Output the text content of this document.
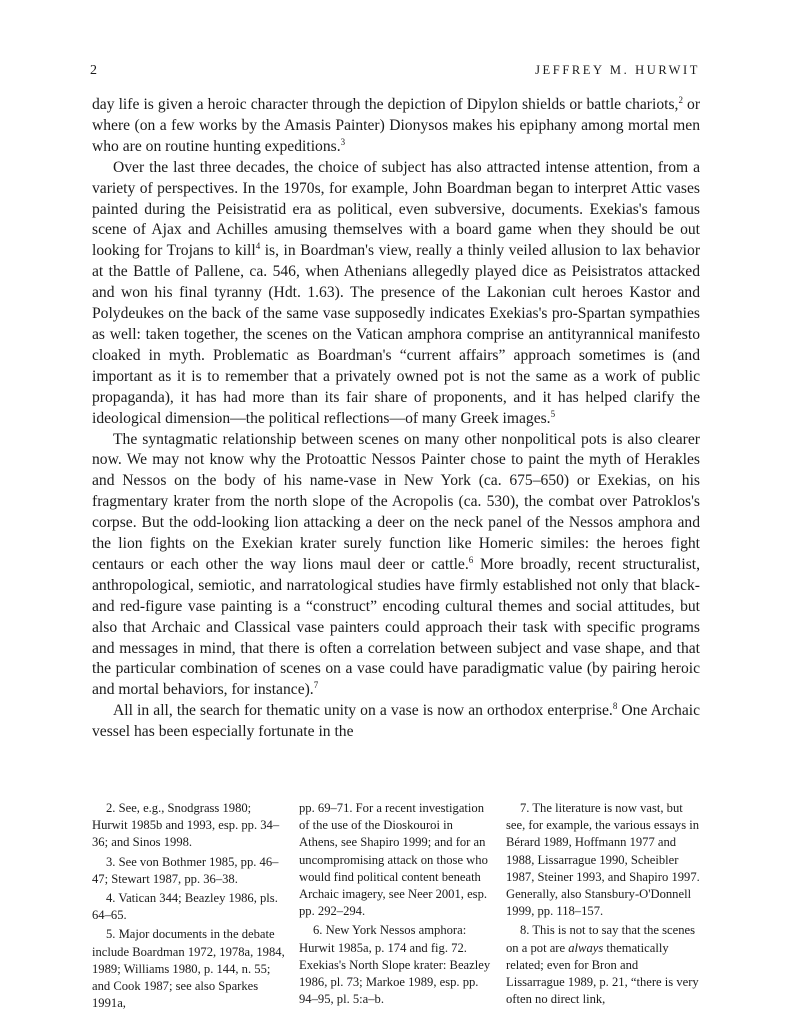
2	JEFFREY M. HURWIT

day life is given a heroic character through the depiction of Dipylon shields or battle chariots,$^2$ or where (on a few works by the Amasis Painter) Dionysos makes his epiphany among mortal men who are on routine hunting expeditions.$^3$

Over the last three decades, the choice of subject has also attracted intense attention, from a variety of perspectives. In the 1970s, for example, John Boardman began to interpret Attic vases painted during the Peisistratid era as political, even subversive, documents. Exekias's famous scene of Ajax and Achilles amusing themselves with a board game when they should be out looking for Trojans to kill$^4$ is, in Boardman's view, really a thinly veiled allusion to lax behavior at the Battle of Pallene, ca. 546, when Athenians allegedly played dice as Peisistratos attacked and won his final tyranny (Hdt. 1.63). The presence of the Lakonian cult heroes Kastor and Polydeukes on the back of the same vase supposedly indicates Exekias's pro-Spartan sympathies as well: taken together, the scenes on the Vatican amphora comprise an antityrannical manifesto cloaked in myth. Problematic as Boardman's “current affairs” approach sometimes is (and important as it is to remember that a privately owned pot is not the same as a work of public propaganda), it has had more than its fair share of proponents, and it has helped clarify the ideological dimension—the political reflections—of many Greek images.$^5$

The syntagmatic relationship between scenes on many other nonpolitical pots is also clearer now. We may not know why the Protoattic Nessos Painter chose to paint the myth of Herakles and Nessos on the body of his name-vase in New York (ca. 675–650) or Exekias, on his fragmentary krater from the north slope of the Acropolis (ca. 530), the combat over Patroklos's corpse. But the odd-looking lion attacking a deer on the neck panel of the Nessos amphora and the lion fights on the Exekian krater surely function like Homeric similes: the heroes fight centaurs or each other the way lions maul deer or cattle.$^6$ More broadly, recent structuralist, anthropological, semiotic, and narratological studies have firmly established not only that black- and red-figure vase painting is a “construct” encoding cultural themes and social attitudes, but also that Archaic and Classical vase painters could approach their task with specific programs and messages in mind, that there is often a correlation between subject and vase shape, and that the particular combination of scenes on a vase could have paradigmatic value (by pairing heroic and mortal behaviors, for instance).$^7$

All in all, the search for thematic unity on a vase is now an orthodox enterprise.$^8$ One Archaic vessel has been especially fortunate in the

2. See, e.g., Snodgrass 1980; Hurwit 1985b and 1993, esp. pp. 34–36; and Sinos 1998.

3. See von Bothmer 1985, pp. 46–47; Stewart 1987, pp. 36–38.

4. Vatican 344; Beazley 1986, pls. 64–65.

5. Major documents in the debate include Boardman 1972, 1978a, 1984, 1989; Williams 1980, p. 144, n. 55; and Cook 1987; see also Sparkes 1991a,

pp. 69–71. For a recent investigation of the use of the Dioskouroi in Athens, see Shapiro 1999; and for an uncompromising attack on those who would find political content beneath Archaic imagery, see Neer 2001, esp. pp. 292–294.

6. New York Nessos amphora: Hurwit 1985a, p. 174 and fig. 72. Exekias's North Slope krater: Beazley 1986, pl. 73; Markoe 1989, esp. pp. 94–95, pl. 5:a–b.

7. The literature is now vast, but see, for example, the various essays in Bérard 1989, Hoffmann 1977 and 1988, Lissarrague 1990, Scheibler 1987, Steiner 1993, and Shapiro 1997. Generally, also Stansbury-O'Donnell 1999, pp. 118–157.

8. This is not to say that the scenes on a pot are always thematically related; even for Bron and Lissarrague 1989, p. 21, “there is very often no direct link,
